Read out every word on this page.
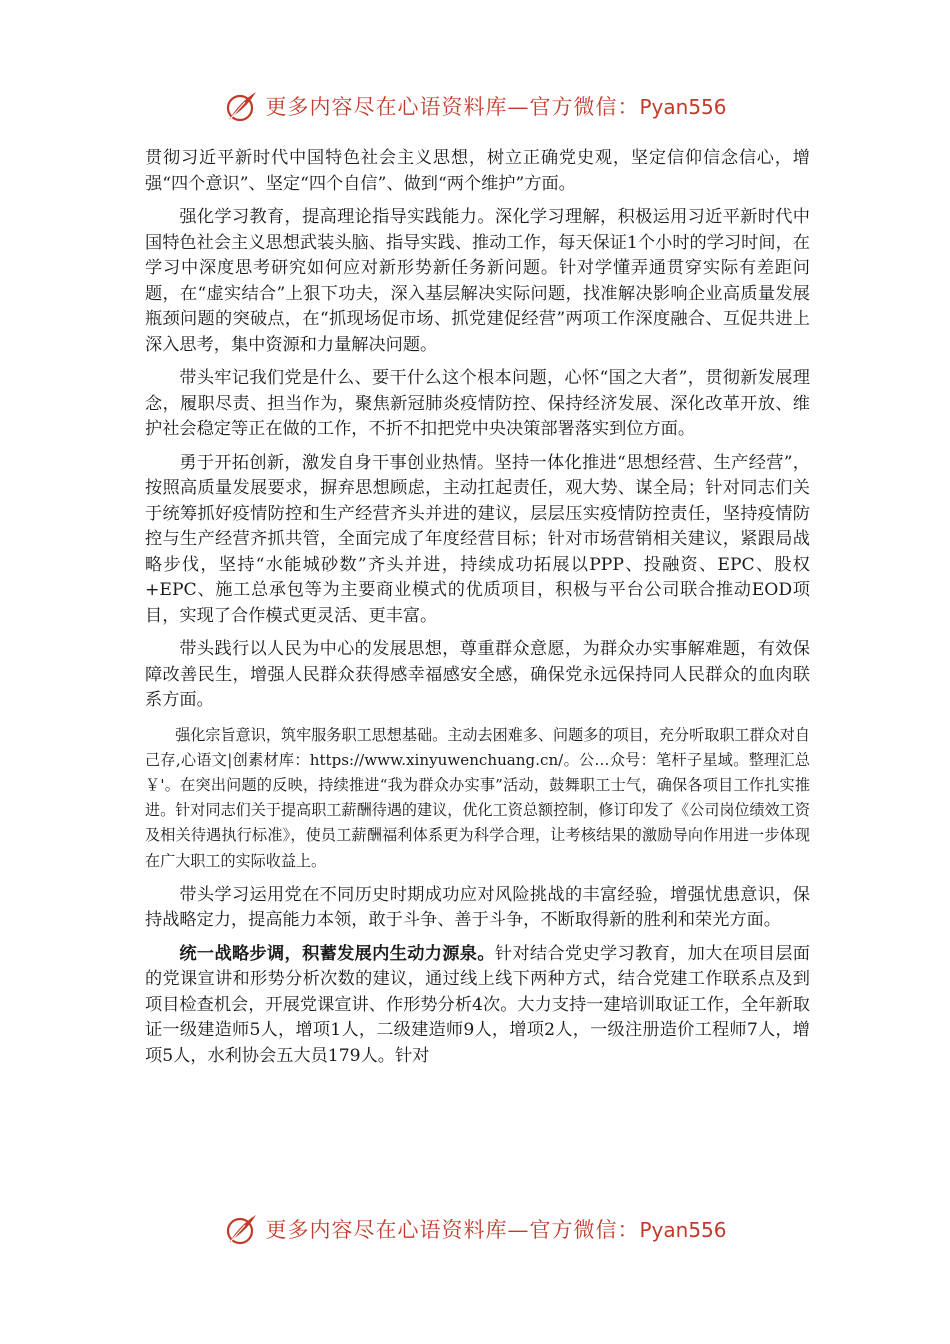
更多内容尽在心语资料库—官方微信：Pyan556

贯彻习近平新时代中国特色社会主义思想，树立正确党史观，坚定信仰信念信心，增强“四个意识”、坚定“四个自信”、做到“两个维护”方面。

强化学习教育，提高理论指导实践能力。深化学习理解，积极运用习近平新时代中国特色社会主义思想武装头脑、指导实践、推动工作，每天保证1个小时的学习时间，在学习中深度思考研究如何应对新形势新任务新问题。针对学懂弄通贯穿实际有差距问题，在“虚实结合”上狠下功夫，深入基层解决实际问题，找准解决影响企业高质量发展瓶颈问题的突破点，在“抓现场促市场、抓党建促经营”两项工作深度融合、互促共进上深入思考，集中资源和力量解决问题。

带头牢记我们党是什么、要干什么这个根本问题，心怀“国之大者”，贯彻新发展理念，履职尽责、担当作为，聚焦新冠肺炎疫情防控、保持经济发展、深化改革开放、维护社会稳定等正在做的工作，不折不扣把党中央决策部署落实到位方面。

勇于开拓创新，激发自身干事创业热情。坚持一体化推进“思想经营、生产经营”，按照高质量发展要求，摒弃思想顾虑，主动扛起责任，观大势、谋全局；针对同志们关于统筹抓好疫情防控和生产经营齐头并进的建议，层层压实疫情防控责任，坚持疫情防控与生产经营齐抓共管，全面完成了年度经营目标；针对市场营销相关建议，紧跟局战略步伐，坚持“水能城砂数”齐头并进，持续成功拓展以PPP、投融资、EPC、股权+EPC、施工总承包等为主要商业模式的优质项目，积极与平台公司联合推动EOD项目，实现了合作模式更灵活、更丰富。

带头践行以人民为中心的发展思想，尊重群众意愿，为群众办实事解难题，有效保障改善民生，增强人民群众获得感幸福感安全感，确保党永远保持同人民群众的血肉联系方面。

强化宗旨意识，筑牢服务职工思想基础。主动去困难多、问题多的项目，充分听取职工群众对自己存,心语文|创素材库：https://www.xinyuwenchuang.cn/。公…众号：笔杆子星域。整理汇总￥'。在突出问题的反映，持续推进“我为群众办实事”活动，鼓舞职工士气，确保各项目工作扎实推进。针对同志们关于提高职工薪酬待遇的建议，优化工资总额控制，修订印发了《公司岗位绩效工资及相关待遇执行标准》，使员工薪酬福利体系更为科学合理，让考核结果的激励导向作用进一步体现在广大职工的实际收益上。

带头学习运用党在不同历史时期成功应对风险挑战的丰富经验，增强忧患意识，保持战略定力，提高能力本领，敢于斗争、善于斗争，不断取得新的胜利和荣光方面。

统一战略步调，积蓄发展内生动力源泉。针对结合党史学习教育，加大在项目层面的党课宣讲和形势分析次数的建议，通过线上线下两种方式，结合党建工作联系点及到项目检查机会，开展党课宣讲、作形势分析4次。大力支持一建培训取证工作，全年新取证一级建造师5人，增项1人，二级建造师9人，增项2人，一级注册造价工程师7人，增项5人，水利协会五大员179人。针对

更多内容尽在心语资料库—官方微信：Pyan556
